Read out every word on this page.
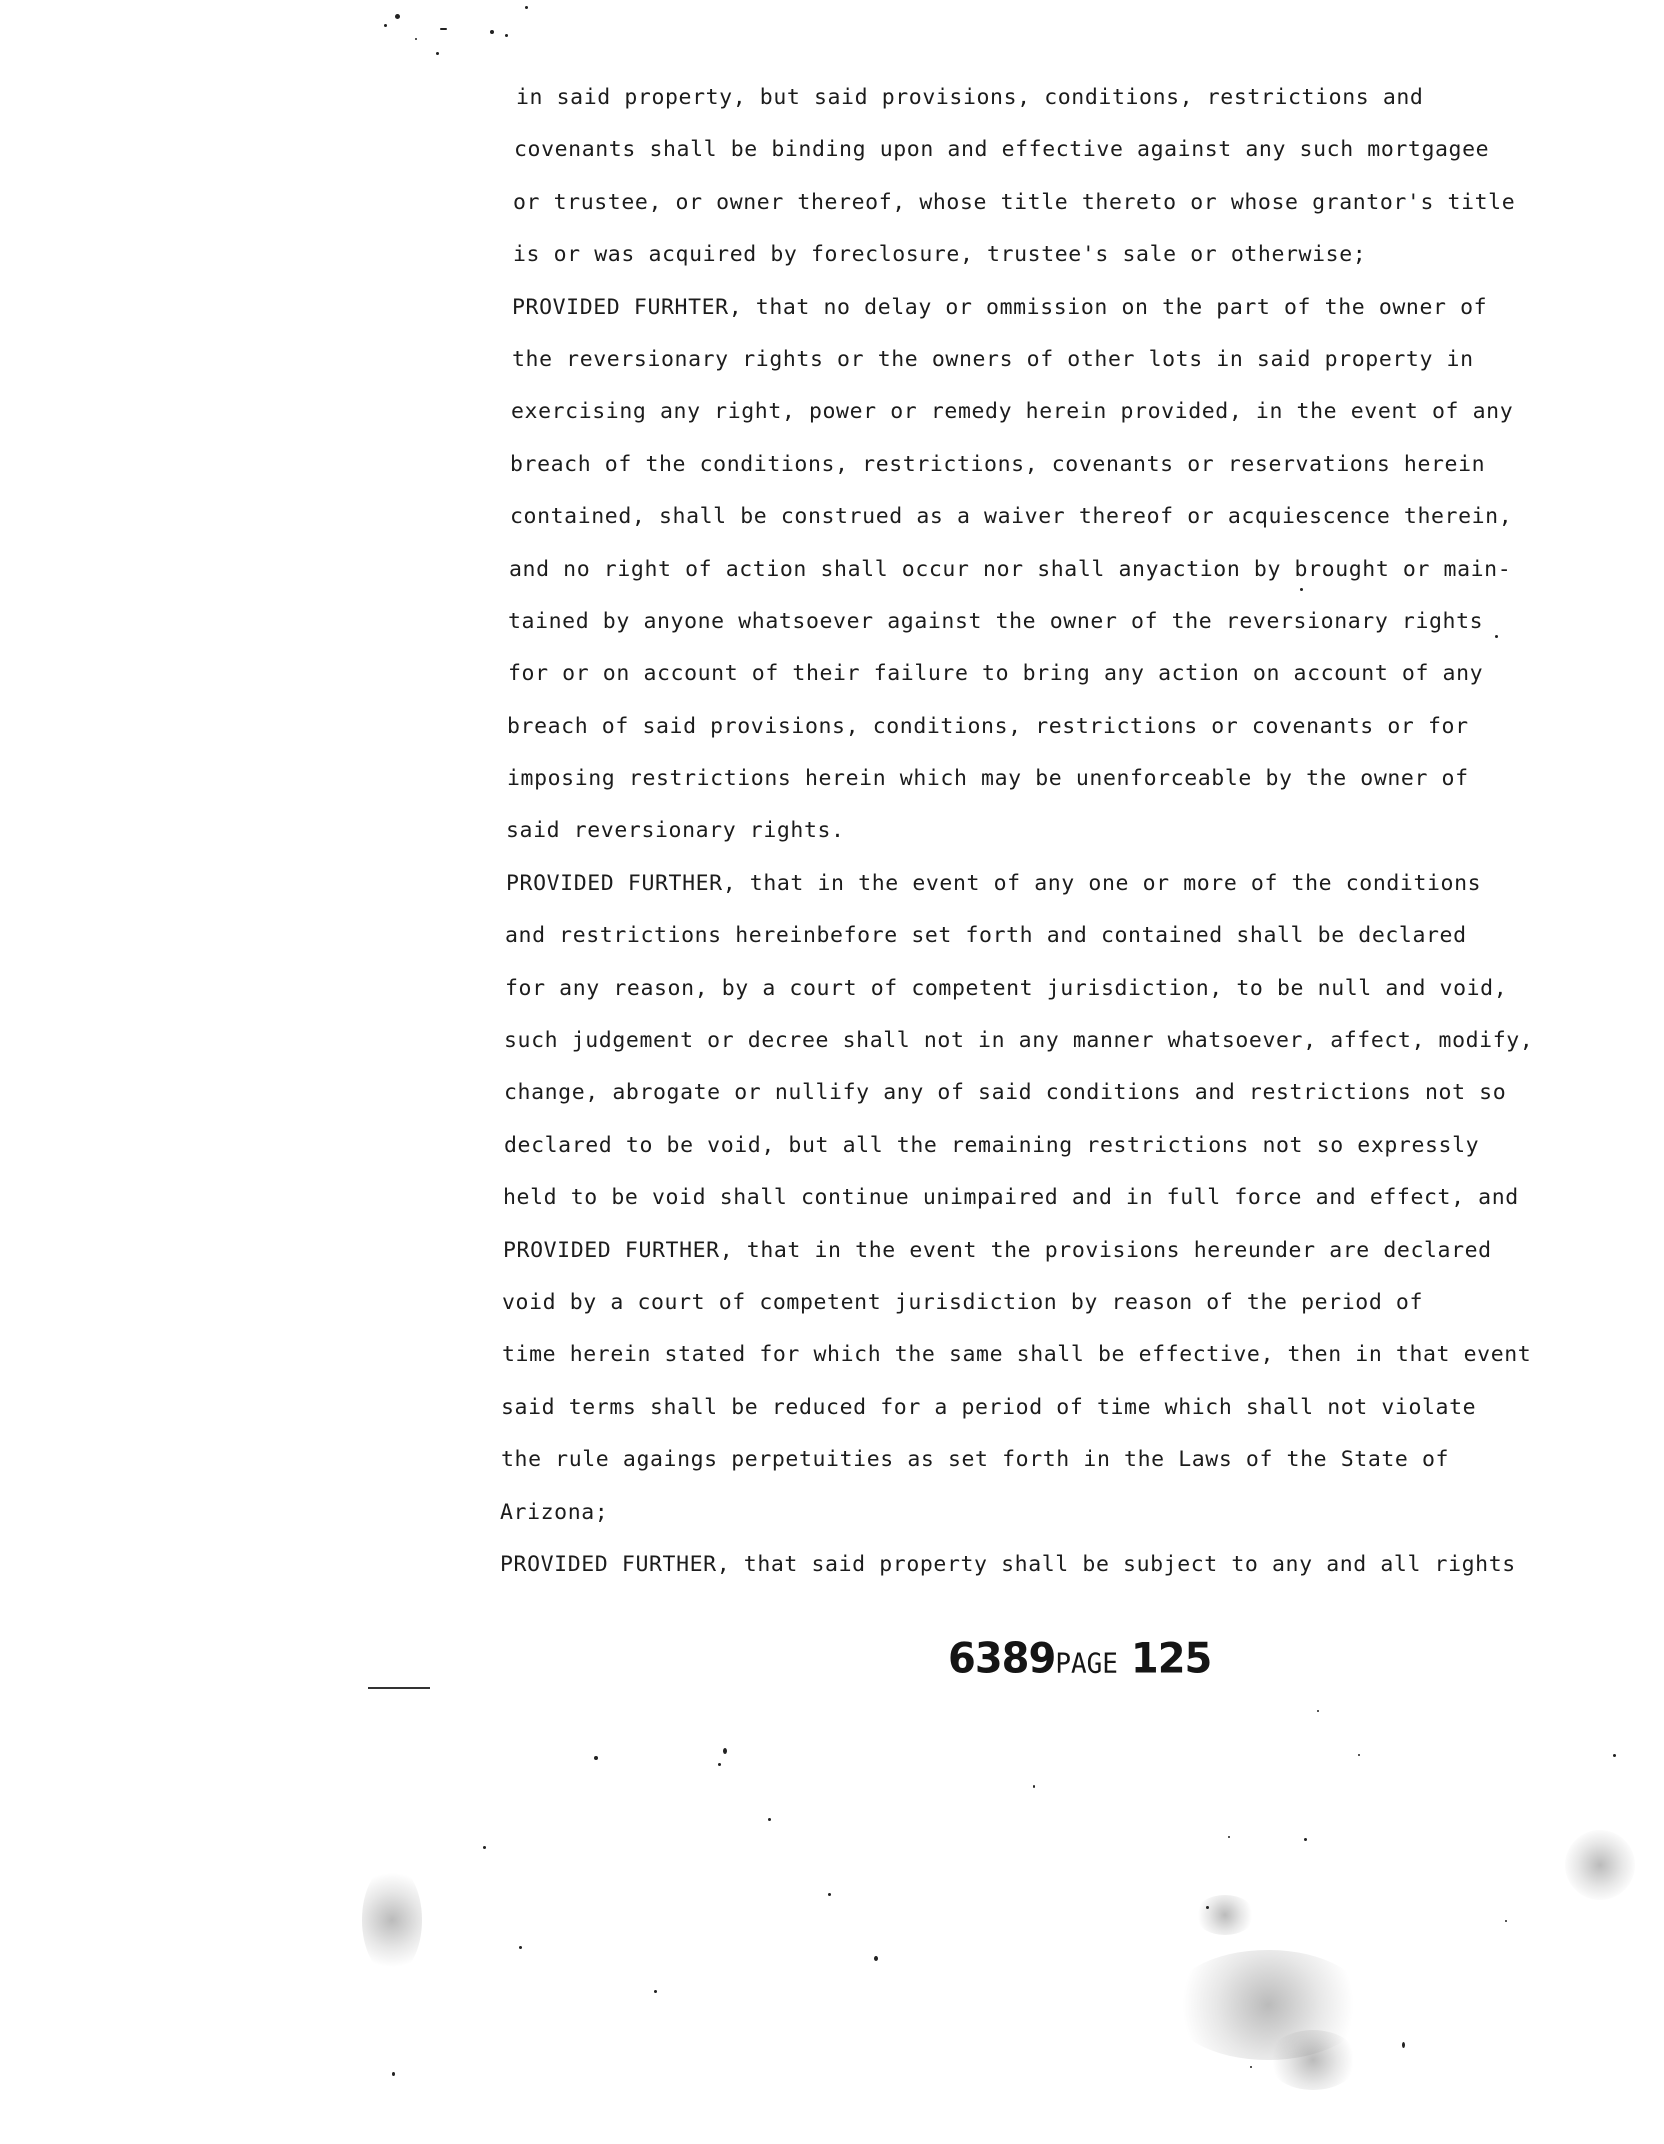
in said property, but said provisions, conditions, restrictions and
covenants shall be binding upon and effective against any such mortgagee
or trustee, or owner thereof, whose title thereto or whose grantor's title
is or was acquired by foreclosure, trustee's sale or otherwise;
PROVIDED FURHTER, that no delay or ommission on the part of the owner of
the reversionary rights or the owners of other lots in said property in
exercising any right, power or remedy herein provided, in the event of any
breach of the conditions, restrictions, covenants or reservations herein
contained, shall be construed as a waiver thereof or acquiescence therein,
and no right of action shall occur nor shall anyaction by brought or main-
tained by anyone whatsoever against the owner of the reversionary rights
for or on account of their failure to bring any action on account of any
breach of said provisions, conditions, restrictions or covenants or for
imposing restrictions herein which may be unenforceable by the owner of
said reversionary rights.
PROVIDED FURTHER, that in the event of any one or more of the conditions
and restrictions hereinbefore set forth and contained shall be declared
for any reason, by a court of competent jurisdiction, to be null and void,
such judgement or decree shall not in any manner whatsoever, affect, modify,
change, abrogate or nullify any of said conditions and restrictions not so
declared to be void, but all the remaining restrictions not so expressly
held to be void shall continue unimpaired and in full force and effect, and
PROVIDED FURTHER, that in the event the provisions hereunder are declared
void by a court of competent jurisdiction by reason of the period of
time herein stated for which the same shall be effective, then in that event
said terms shall be reduced for a period of time which shall not violate
the rule agaings perpetuities as set forth in the Laws of the State of
Arizona;
PROVIDED FURTHER, that said property shall be subject to any and all rights
6389PAGE 125
